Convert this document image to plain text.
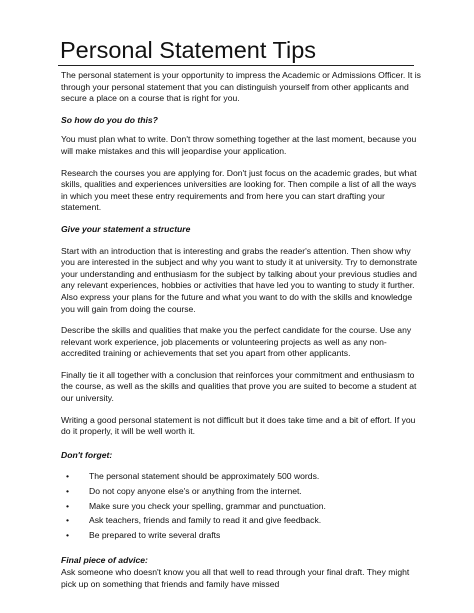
Personal Statement Tips

The personal statement is your opportunity to impress the Academic or Admissions Officer. It is through your personal statement that you can distinguish yourself from other applicants and secure a place on a course that is right for you.

So how do you do this?

You must plan what to write. Don't throw something together at the last moment, because you will make mistakes and this will jeopardise your application.

Research the courses you are applying for. Don't just focus on the academic grades, but what skills, qualities and experiences universities are looking for. Then compile a list of all the ways in which you meet these entry requirements and from here you can start drafting your statement.

Give your statement a structure

Start with an introduction that is interesting and grabs the reader's attention. Then show why you are interested in the subject and why you want to study it at university. Try to demonstrate your understanding and enthusiasm for the subject by talking about your previous studies and any relevant experiences, hobbies or activities that have led you to wanting to study it further. Also express your plans for the future and what you want to do with the skills and knowledge you will gain from doing the course.

Describe the skills and qualities that make you the perfect candidate for the course. Use any relevant work experience, job placements or volunteering projects as well as any non-accredited training or achievements that set you apart from other applicants.

Finally tie it all together with a conclusion that reinforces your commitment and enthusiasm to the course, as well as the skills and qualities that prove you are suited to become a student at our university.

Writing a good personal statement is not difficult but it does take time and a bit of effort. If you do it properly, it will be well worth it.

Don't forget:

• The personal statement should be approximately 500 words.
• Do not copy anyone else's or anything from the internet.
• Make sure you check your spelling, grammar and punctuation.
• Ask teachers, friends and family to read it and give feedback.
• Be prepared to write several drafts

Final piece of advice:

Ask someone who doesn't know you all that well to read through your final draft. They might pick up on something that friends and family have missed
